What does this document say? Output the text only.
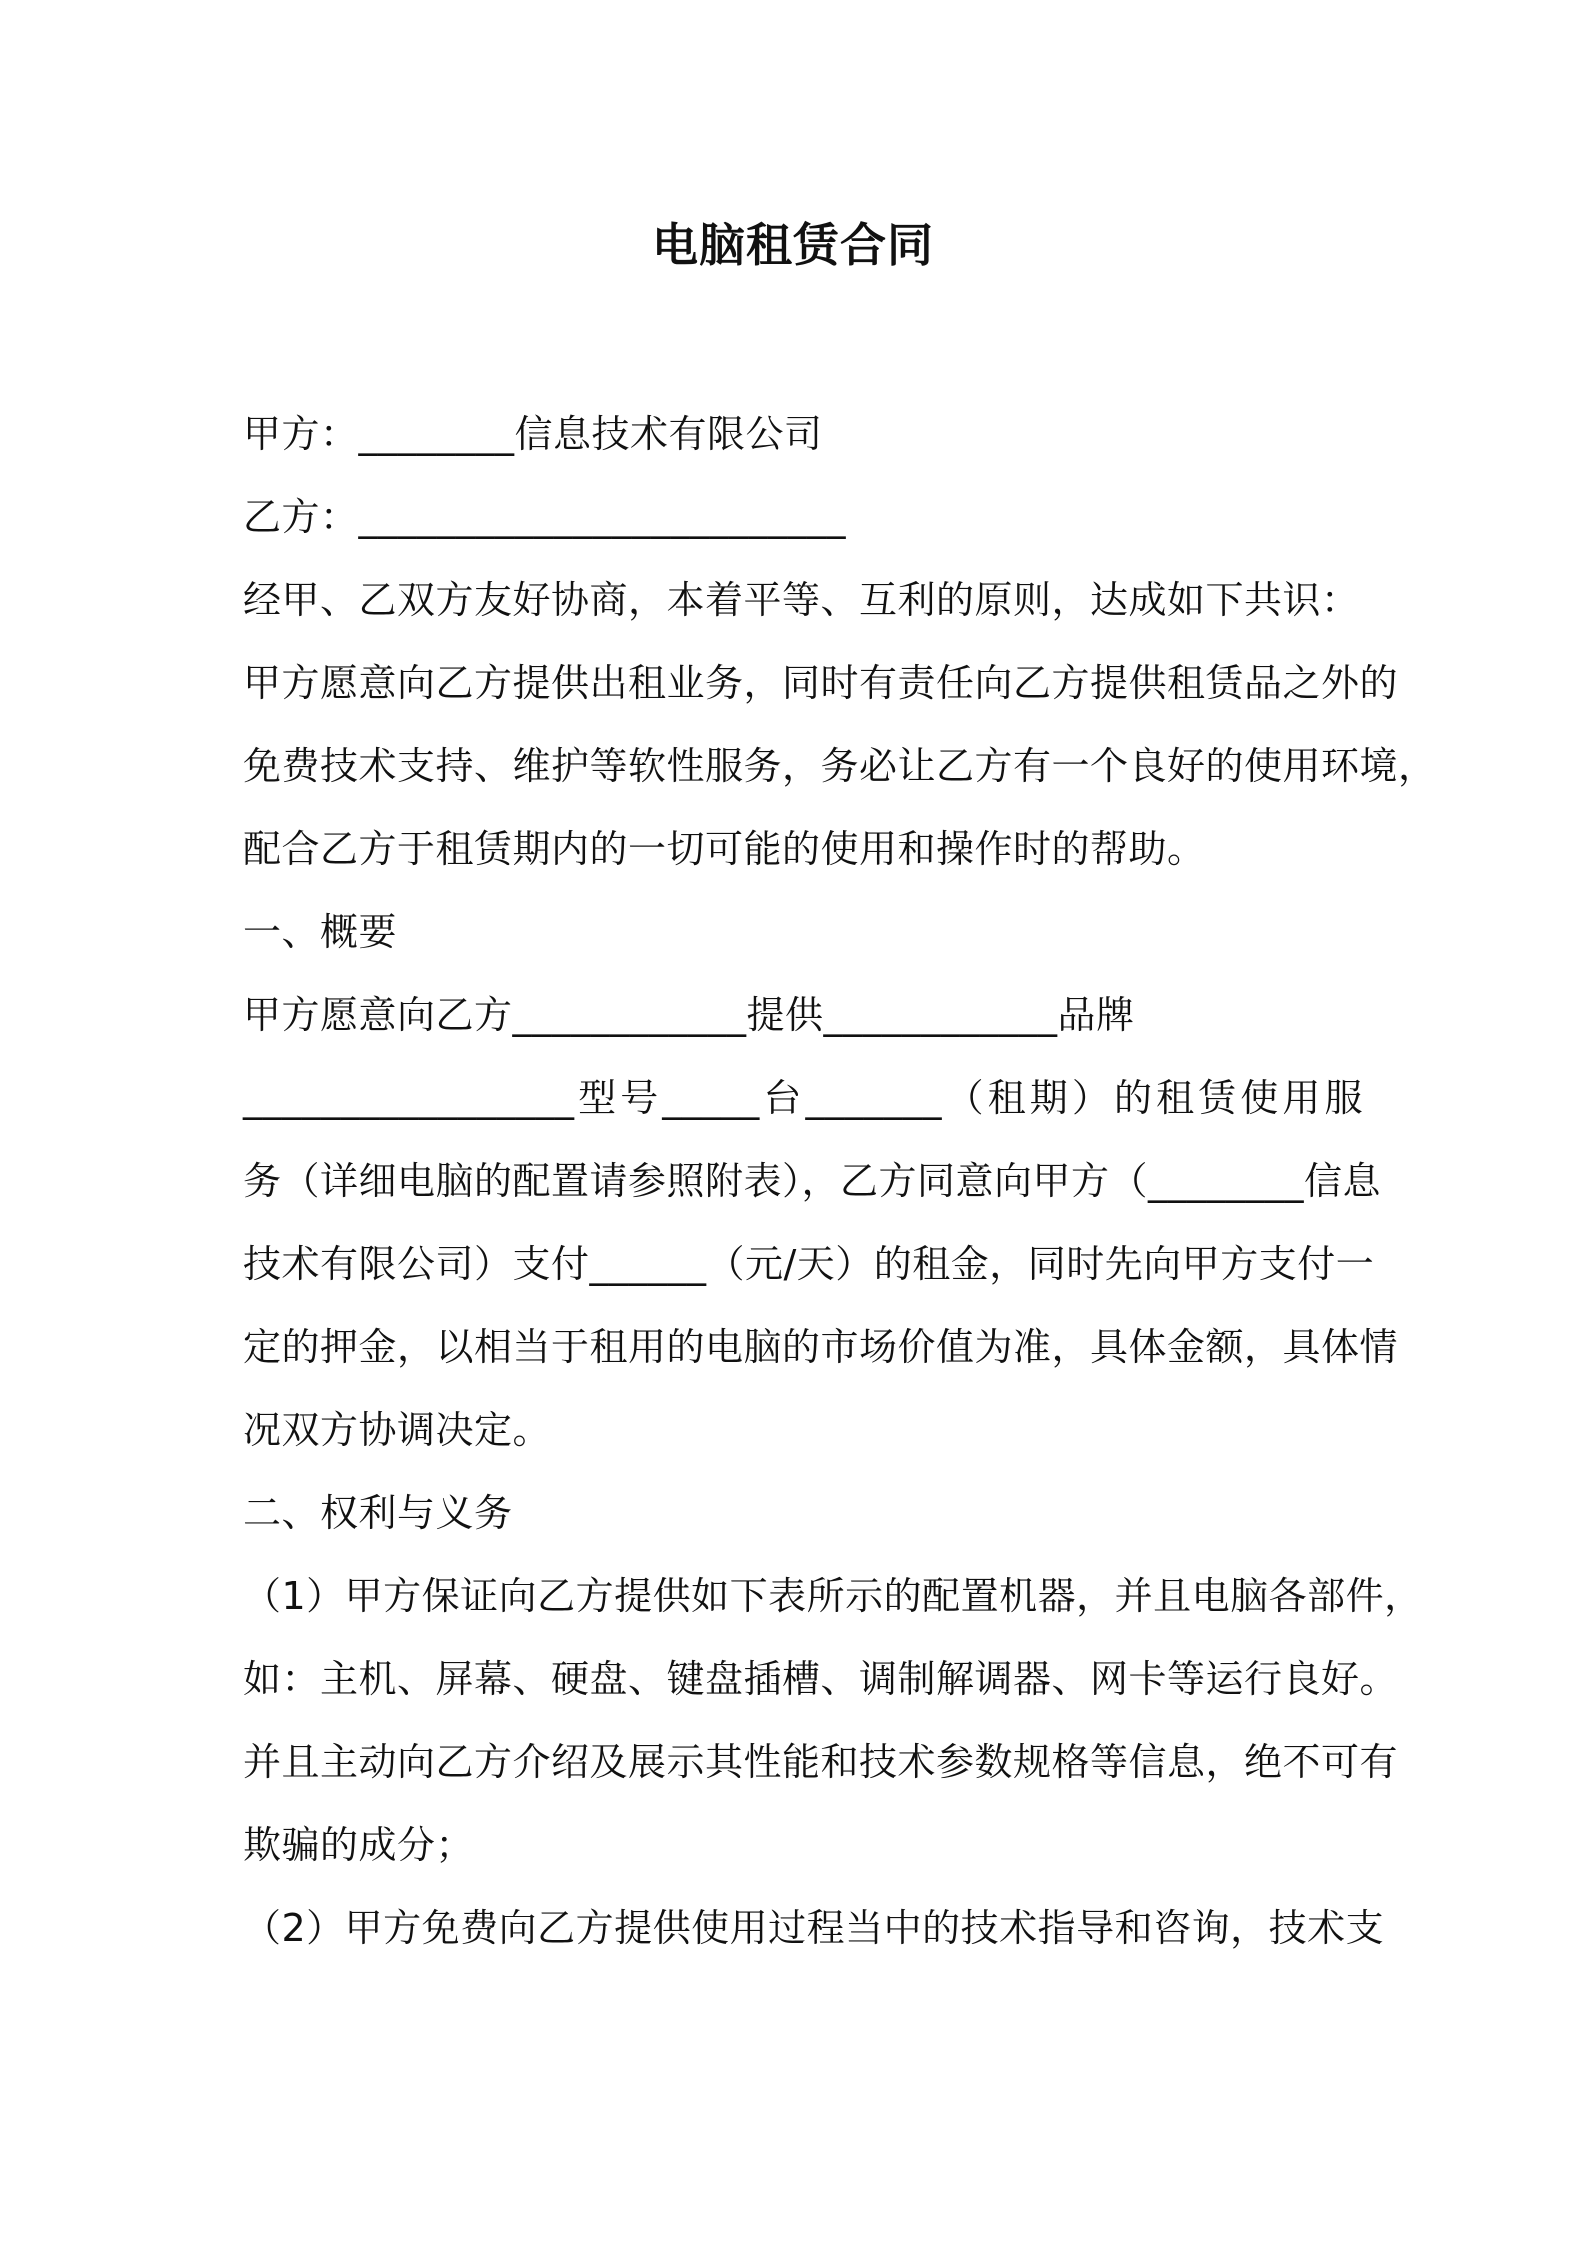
电脑租赁合同
甲方：________信息技术有限公司
乙方：_________________________
经甲、乙双方友好协商，本着平等、互利的原则，达成如下共识：
甲方愿意向乙方提供出租业务，同时有责任向乙方提供租赁品之外的
免费技术支持、维护等软性服务，务必让乙方有一个良好的使用环境，
配合乙方于租赁期内的一切可能的使用和操作时的帮助。
一、概要
甲方愿意向乙方____________提供____________品牌
_________________型号_____台_______（租期）的租赁使用服
务（详细电脑的配置请参照附表），乙方同意向甲方（________信息
技术有限公司）支付______（元/天）的租金，同时先向甲方支付一
定的押金，以相当于租用的电脑的市场价值为准，具体金额，具体情
况双方协调决定。
二、权利与义务
（1）甲方保证向乙方提供如下表所示的配置机器，并且电脑各部件，
如：主机、屏幕、硬盘、键盘插槽、调制解调器、网卡等运行良好。
并且主动向乙方介绍及展示其性能和技术参数规格等信息，绝不可有
欺骗的成分；
（2）甲方免费向乙方提供使用过程当中的技术指导和咨询，技术支
